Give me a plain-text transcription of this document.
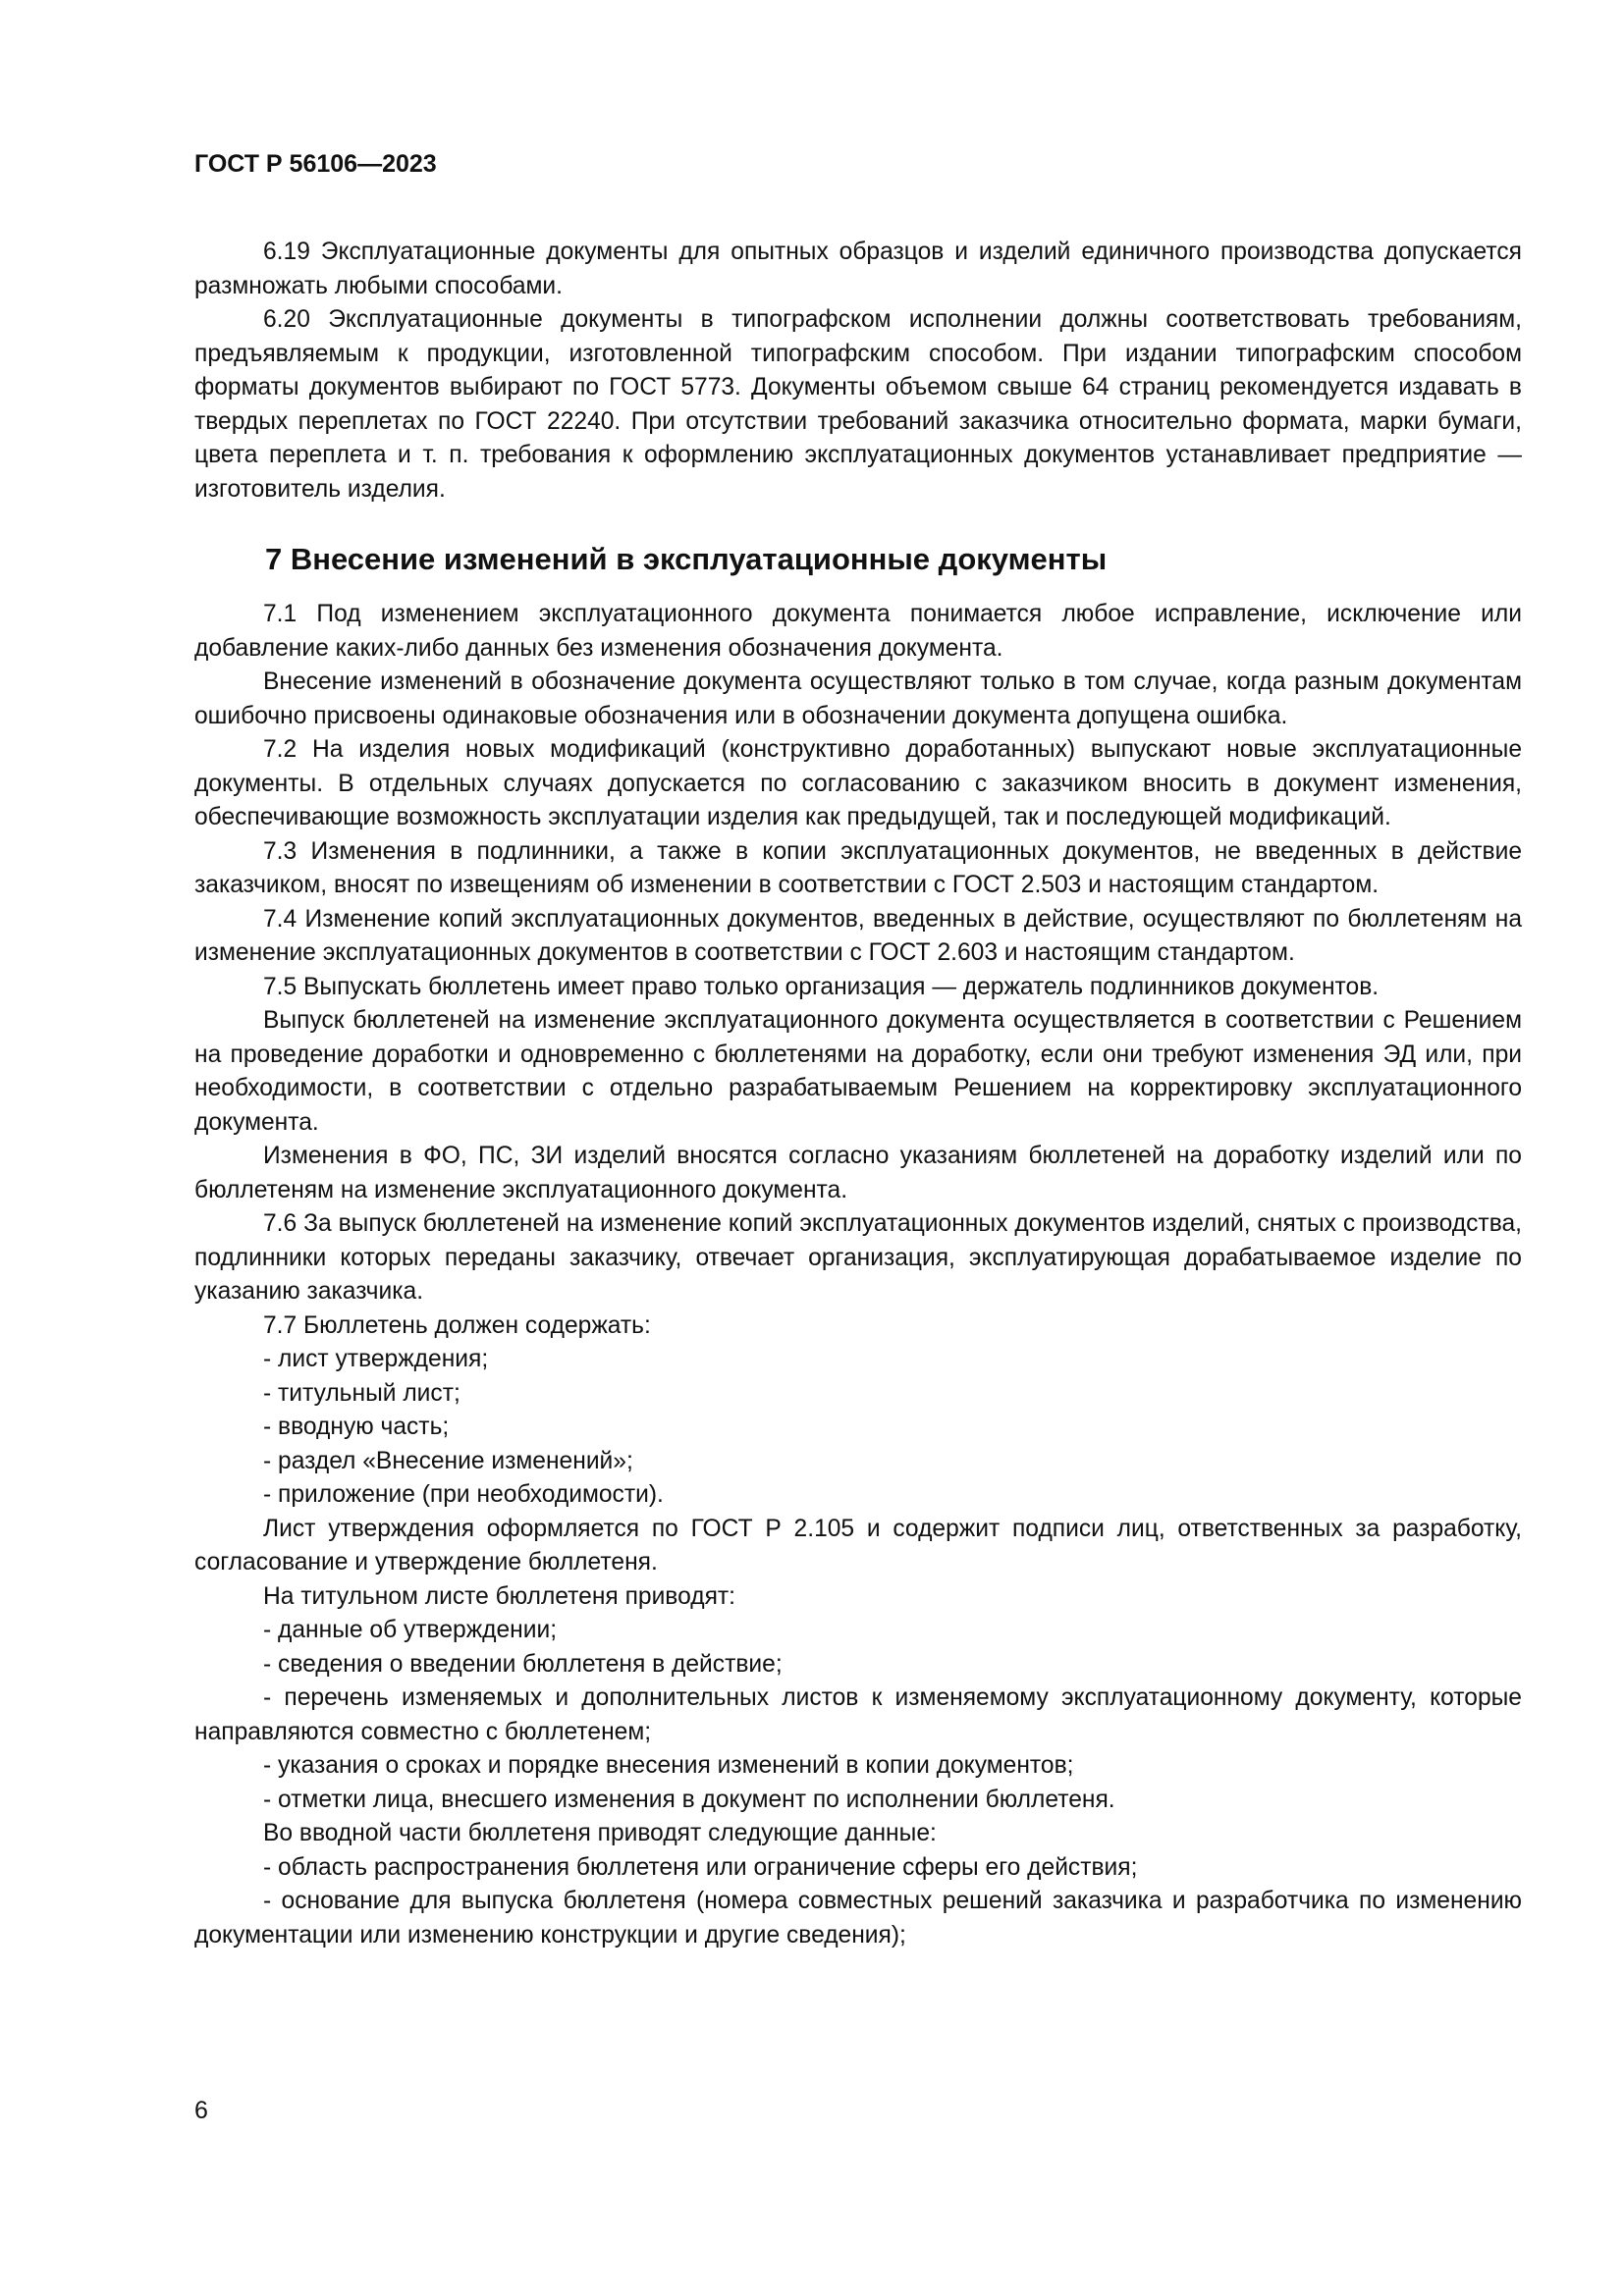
ГОСТ Р 56106—2023

6.19 Эксплуатационные документы для опытных образцов и изделий единичного производства допускается размножать любыми способами.

6.20 Эксплуатационные документы в типографском исполнении должны соответствовать требованиям, предъявляемым к продукции, изготовленной типографским способом. При издании типографским способом форматы документов выбирают по ГОСТ 5773. Документы объемом свыше 64 страниц рекомендуется издавать в твердых переплетах по ГОСТ 22240. При отсутствии требований заказчика относительно формата, марки бумаги, цвета переплета и т. п. требования к оформлению эксплуатационных документов устанавливает предприятие — изготовитель изделия.

7 Внесение изменений в эксплуатационные документы

7.1 Под изменением эксплуатационного документа понимается любое исправление, исключение или добавление каких-либо данных без изменения обозначения документа.

Внесение изменений в обозначение документа осуществляют только в том случае, когда разным документам ошибочно присвоены одинаковые обозначения или в обозначении документа допущена ошибка.

7.2 На изделия новых модификаций (конструктивно доработанных) выпускают новые эксплуатационные документы. В отдельных случаях допускается по согласованию с заказчиком вносить в документ изменения, обеспечивающие возможность эксплуатации изделия как предыдущей, так и последующей модификаций.

7.3 Изменения в подлинники, а также в копии эксплуатационных документов, не введенных в действие заказчиком, вносят по извещениям об изменении в соответствии с ГОСТ 2.503 и настоящим стандартом.

7.4 Изменение копий эксплуатационных документов, введенных в действие, осуществляют по бюллетеням на изменение эксплуатационных документов в соответствии с ГОСТ 2.603 и настоящим стандартом.

7.5 Выпускать бюллетень имеет право только организация — держатель подлинников документов.

Выпуск бюллетеней на изменение эксплуатационного документа осуществляется в соответствии с Решением на проведение доработки и одновременно с бюллетенями на доработку, если они требуют изменения ЭД или, при необходимости, в соответствии с отдельно разрабатываемым Решением на корректировку эксплуатационного документа.

Изменения в ФО, ПС, ЗИ изделий вносятся согласно указаниям бюллетеней на доработку изделий или по бюллетеням на изменение эксплуатационного документа.

7.6 За выпуск бюллетеней на изменение копий эксплуатационных документов изделий, снятых с производства, подлинники которых переданы заказчику, отвечает организация, эксплуатирующая дорабатываемое изделие по указанию заказчика.

7.7 Бюллетень должен содержать:

- лист утверждения;
- титульный лист;
- вводную часть;
- раздел «Внесение изменений»;
- приложение (при необходимости).

Лист утверждения оформляется по ГОСТ Р 2.105 и содержит подписи лиц, ответственных за разработку, согласование и утверждение бюллетеня.

На титульном листе бюллетеня приводят:

- данные об утверждении;
- сведения о введении бюллетеня в действие;
- перечень изменяемых и дополнительных листов к изменяемому эксплуатационному документу, которые направляются совместно с бюллетенем;
- указания о сроках и порядке внесения изменений в копии документов;
- отметки лица, внесшего изменения в документ по исполнении бюллетеня.

Во вводной части бюллетеня приводят следующие данные:

- область распространения бюллетеня или ограничение сферы его действия;
- основание для выпуска бюллетеня (номера совместных решений заказчика и разработчика по изменению документации или изменению конструкции и другие сведения);
6
